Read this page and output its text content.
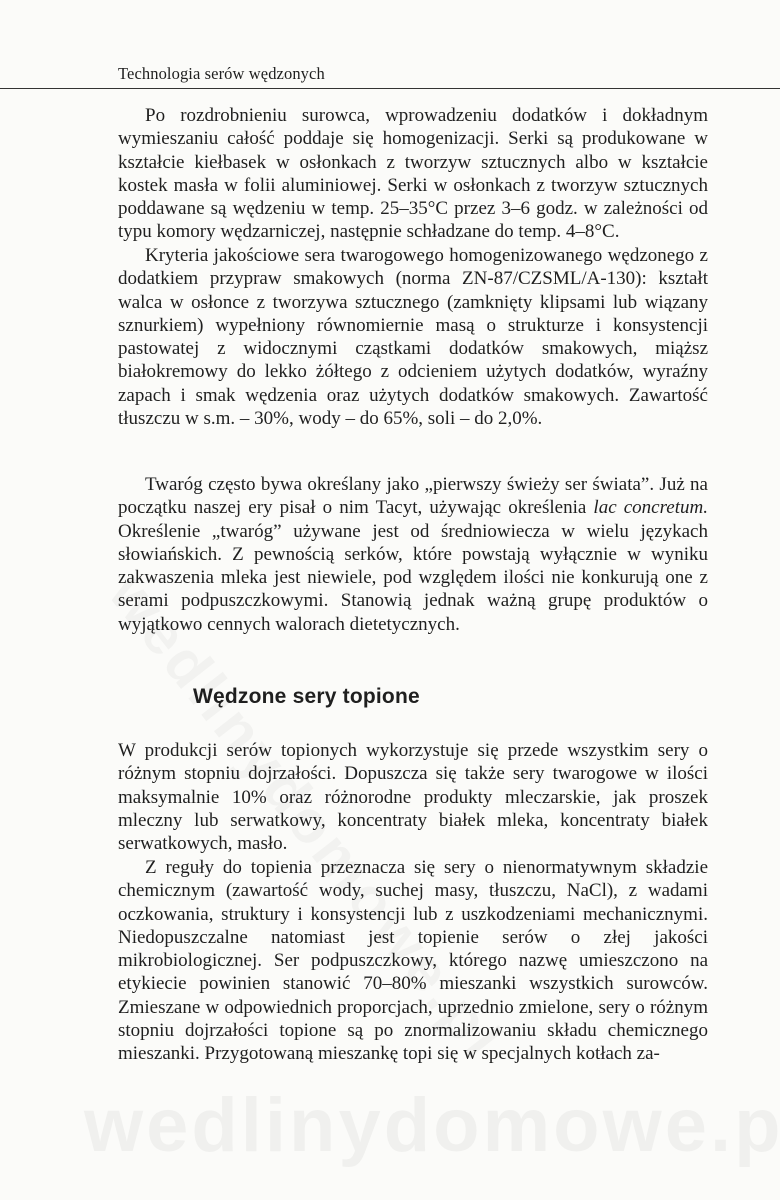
Technologia serów wędzonych

Po rozdrobnieniu surowca, wprowadzeniu dodatków i dokładnym wymieszaniu całość poddaje się homogenizacji. Serki są produkowane w kształcie kiełbasek w osłonkach z tworzyw sztucznych albo w kształcie kostek masła w folii aluminiowej. Serki w osłonkach z tworzyw sztucznych poddawane są wędzeniu w temp. 25–35°C przez 3–6 godz. w zależności od typu komory wędzarniczej, następnie schładzane do temp. 4–8°C.

Kryteria jakościowe sera twarogowego homogenizowanego wędzonego z dodatkiem przypraw smakowych (norma ZN-87/CZSML/A-130): kształt walca w osłonce z tworzywa sztucznego (zamknięty klipsami lub wiązany sznurkiem) wypełniony równomiernie masą o strukturze i konsystencji pastowatej z widocznymi cząstkami dodatków smakowych, miąższ białokremowy do lekko żółtego z odcieniem użytych dodatków, wyraźny zapach i smak wędzenia oraz użytych dodatków smakowych. Zawartość tłuszczu w s.m. – 30%, wody – do 65%, soli – do 2,0%.

Twaróg często bywa określany jako „pierwszy świeży ser świata”. Już na początku naszej ery pisał o nim Tacyt, używając określenia lac concretum. Określenie „twaróg” używane jest od średniowiecza w wielu językach słowiańskich. Z pewnością serków, które powstają wyłącznie w wyniku zakwaszenia mleka jest niewiele, pod względem ilości nie konkurują one z serami podpuszczkowymi. Stanowią jednak ważną grupę produktów o wyjątkowo cennych walorach dietetycznych.

Wędzone sery topione

W produkcji serów topionych wykorzystuje się przede wszystkim sery o różnym stopniu dojrzałości. Dopuszcza się także sery twarogowe w ilości maksymalnie 10% oraz różnorodne produkty mleczarskie, jak proszek mleczny lub serwatkowy, koncentraty białek mleka, koncentraty białek serwatkowych, masło.

Z reguły do topienia przeznacza się sery o nienormatywnym składzie chemicznym (zawartość wody, suchej masy, tłuszczu, NaCl), z wadami oczkowania, struktury i konsystencji lub z uszkodzeniami mechanicznymi. Niedopuszczalne natomiast jest topienie serów o złej jakości mikrobiologicznej. Ser podpuszczkowy, którego nazwę umieszczono na etykiecie powinien stanowić 70–80% mieszanki wszystkich surowców. Zmieszane w odpowiednich proporcjach, uprzednio zmielone, sery o różnym stopniu dojrzałości topione są po znormalizowaniu składu chemicznego mieszanki. Przygotowaną mieszankę topi się w specjalnych kotłach za-
